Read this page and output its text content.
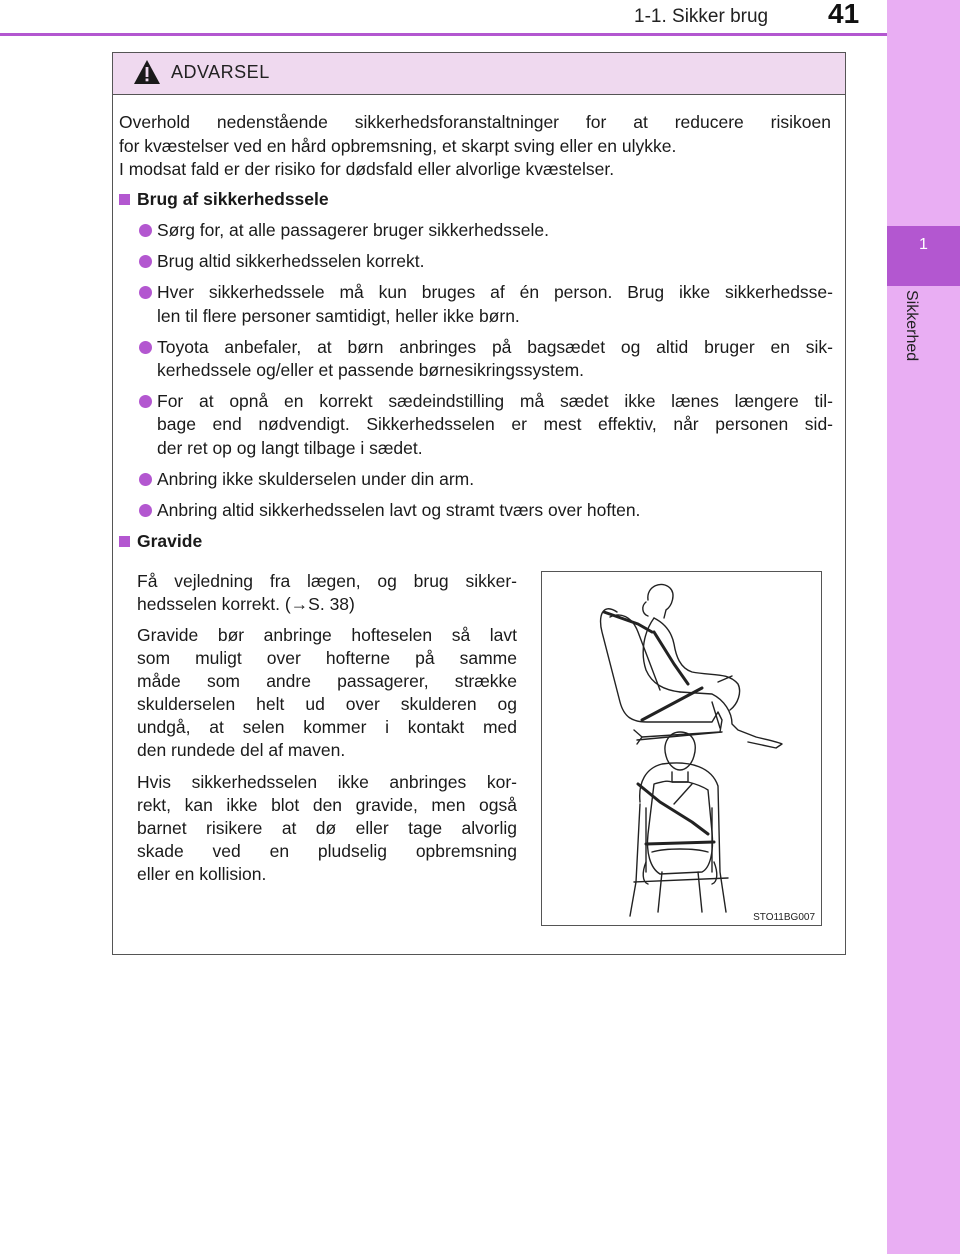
1
Sikkerhed
1-1. Sikker brug 41
ADVARSEL
Overhold nedenstående sikkerhedsforanstaltninger for at reducere risikoen
for kvæstelser ved en hård opbremsning, et skarpt sving eller en ulykke.
I modsat fald er der risiko for dødsfald eller alvorlige kvæstelser.
Brug af sikkerhedssele
Sørg for, at alle passagerer bruger sikkerhedssele.
Brug altid sikkerhedsselen korrekt.
Hver sikkerhedssele må kun bruges af én person. Brug ikke sikkerhedsse-
len til flere personer samtidigt, heller ikke børn.
Toyota anbefaler, at børn anbringes på bagsædet og altid bruger en sik-
kerhedssele og/eller et passende børnesikringssystem.
For at opnå en korrekt sædeindstilling må sædet ikke lænes længere til-
bage end nødvendigt. Sikkerhedsselen er mest effektiv, når personen sid-
der ret op og langt tilbage i sædet.
Anbring ikke skulderselen under din arm.
Anbring altid sikkerhedsselen lavt og stramt tværs over hoften.
Gravide
Få vejledning fra lægen, og brug sikker-
hedsselen korrekt. (→S. 38)
Gravide bør anbringe hofteselen så lavt
som muligt over hofterne på samme
måde som andre passagerer, strække
skulderselen helt ud over skulderen og
undgå, at selen kommer i kontakt med
den rundede del af maven.
Hvis sikkerhedsselen ikke anbringes kor-
rekt, kan ikke blot den gravide, men også
barnet risikere at dø eller tage alvorlig
skade ved en pludselig opbremsning
eller en kollision.
STO11BG007
